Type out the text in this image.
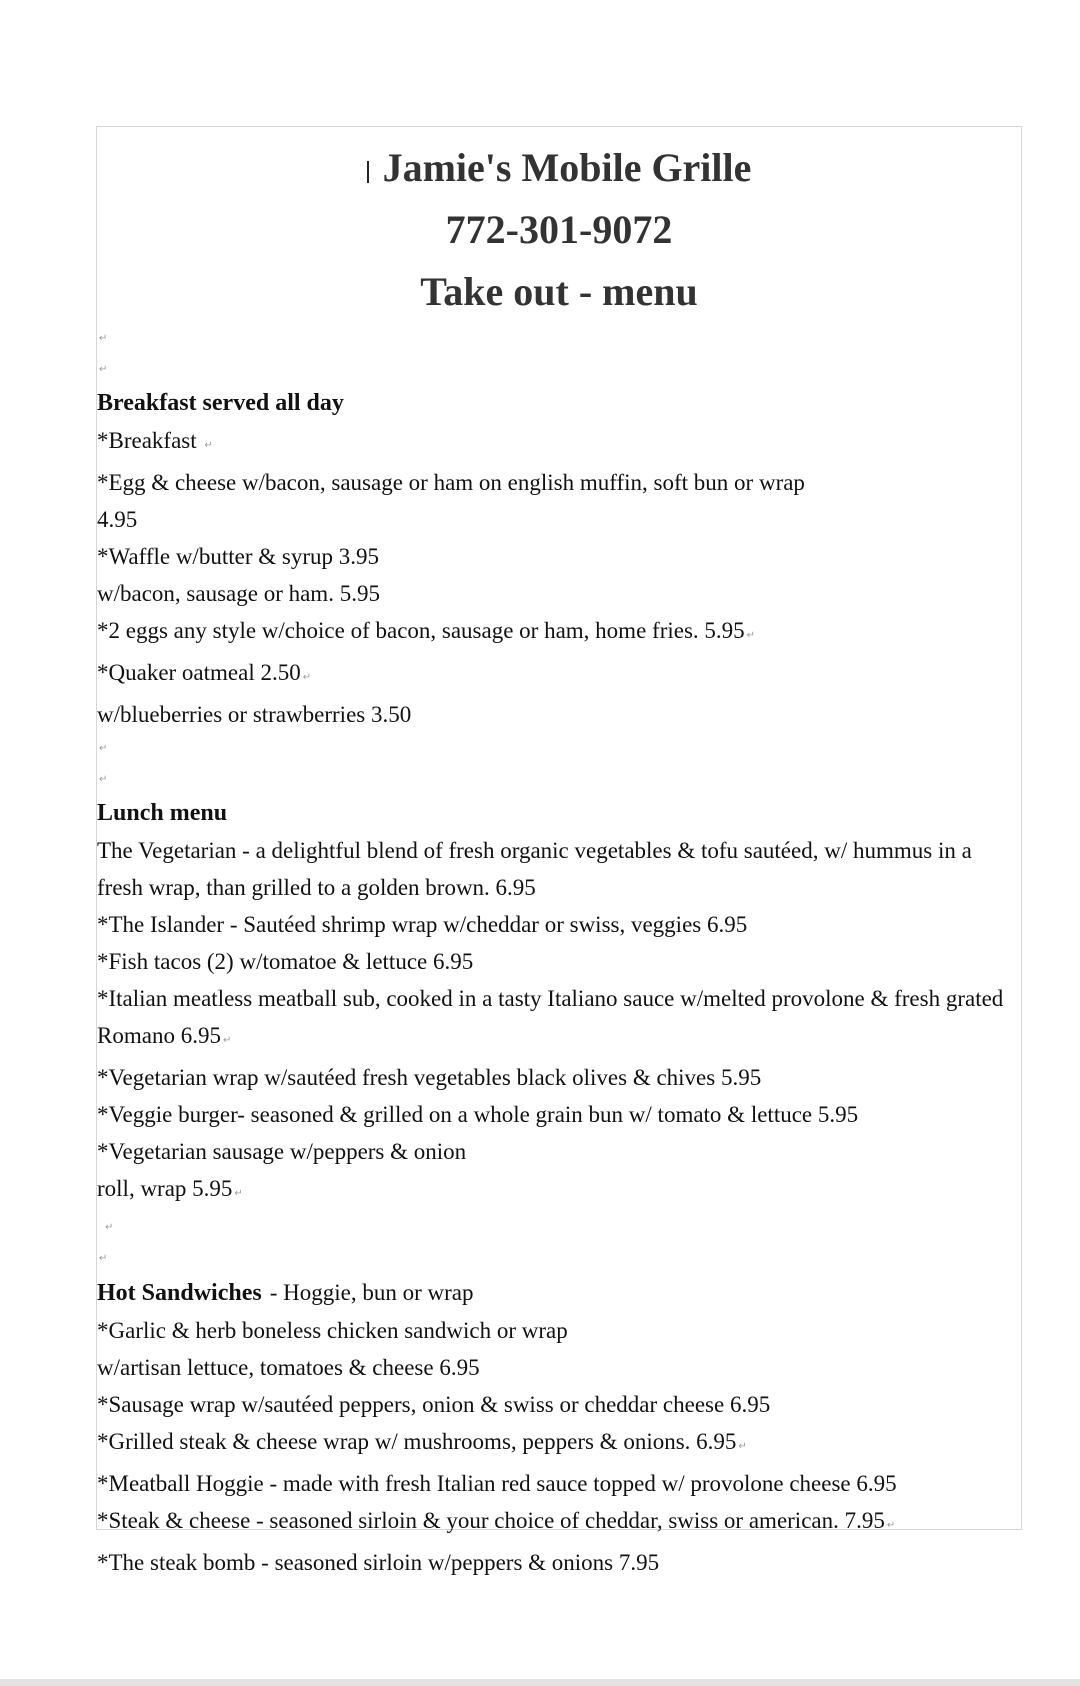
Jamie's Mobile Grille
772-301-9072
Take out - menu
↵
↵
Breakfast served all day
*Breakfast ↵
*Egg & cheese w/bacon, sausage or ham on english muffin, soft bun or wrap
4.95
*Waffle w/butter & syrup 3.95
w/bacon, sausage or ham. 5.95
*2 eggs any style w/choice of bacon, sausage or ham, home fries. 5.95 ↵
*Quaker oatmeal 2.50 ↵
w/blueberries or strawberries 3.50
↵
↵
Lunch menu
The Vegetarian - a delightful blend of fresh organic vegetables & tofu sautéed, w/ hummus in a fresh wrap, than grilled to a golden brown. 6.95
*The Islander - Sautéed shrimp wrap w/cheddar or swiss, veggies 6.95
*Fish tacos (2) w/tomatoe & lettuce 6.95
*Italian meatless meatball sub, cooked in a tasty Italiano sauce w/melted provolone & fresh grated Romano 6.95 ↵
*Vegetarian wrap w/sautéed fresh vegetables black olives & chives 5.95
*Veggie burger- seasoned & grilled on a whole grain bun w/ tomato & lettuce 5.95
*Vegetarian sausage w/peppers & onion
roll, wrap 5.95 ↵
↵
↵
Hot Sandwiches - Hoggie, bun or wrap
*Garlic & herb boneless chicken sandwich or wrap
w/artisan lettuce, tomatoes & cheese 6.95
*Sausage wrap w/sautéed peppers, onion & swiss or cheddar cheese 6.95
*Grilled steak & cheese wrap w/ mushrooms, peppers & onions. 6.95 ↵
*Meatball Hoggie - made with fresh Italian red sauce topped w/ provolone cheese 6.95
*Steak & cheese - seasoned sirloin & your choice of cheddar, swiss or american. 7.95 ↵
*The steak bomb - seasoned sirloin w/peppers & onions 7.95
